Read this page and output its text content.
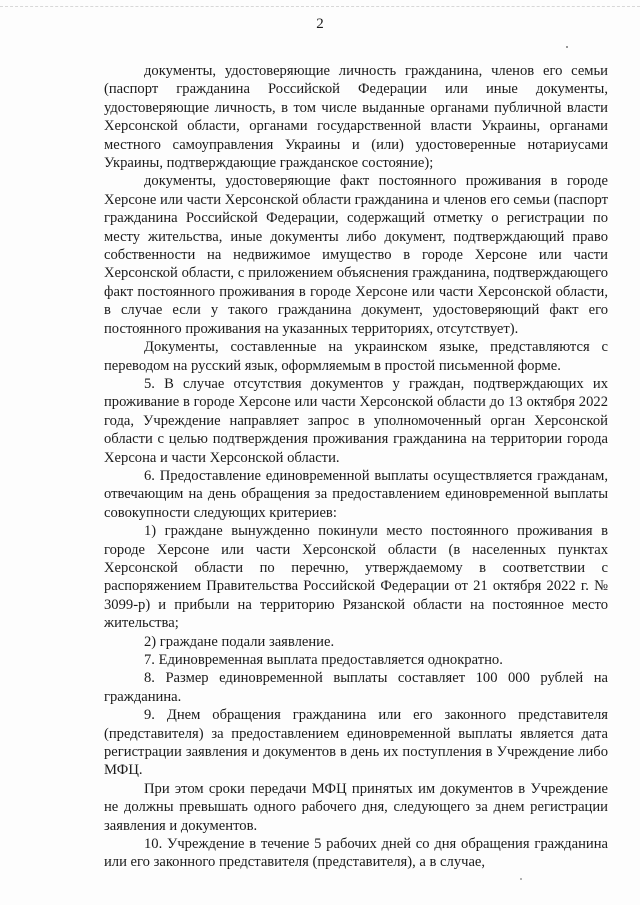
2

документы, удостоверяющие личность гражданина, членов его семьи (паспорт гражданина Российской Федерации или иные документы, удостоверяющие личность, в том числе выданные органами публичной власти Херсонской области, органами государственной власти Украины, органами местного самоуправления Украины и (или) удостоверенные нотариусами Украины, подтверждающие гражданское состояние);

документы, удостоверяющие факт постоянного проживания в городе Херсоне или части Херсонской области гражданина и членов его семьи (паспорт гражданина Российской Федерации, содержащий отметку о регистрации по месту жительства, иные документы либо документ, подтверждающий право собственности на недвижимое имущество в городе Херсоне или части Херсонской области, с приложением объяснения гражданина, подтверждающего факт постоянного проживания в городе Херсоне или части Херсонской области, в случае если у такого гражданина документ, удостоверяющий факт его постоянного проживания на указанных территориях, отсутствует).

Документы, составленные на украинском языке, представляются с переводом на русский язык, оформляемым в простой письменной форме.

5. В случае отсутствия документов у граждан, подтверждающих их проживание в городе Херсоне или части Херсонской области до 13 октября 2022 года, Учреждение направляет запрос в уполномоченный орган Херсонской области с целью подтверждения проживания гражданина на территории города Херсона и части Херсонской области.

6. Предоставление единовременной выплаты осуществляется гражданам, отвечающим на день обращения за предоставлением единовременной выплаты совокупности следующих критериев:

1) граждане вынужденно покинули место постоянного проживания в городе Херсоне или части Херсонской области (в населенных пунктах Херсонской области по перечню, утверждаемому в соответствии с распоряжением Правительства Российской Федерации от 21 октября 2022 г. № 3099-р) и прибыли на территорию Рязанской области на постоянное место жительства;

2) граждане подали заявление.

7. Единовременная выплата предоставляется однократно.

8. Размер единовременной выплаты составляет 100 000 рублей на гражданина.

9. Днем обращения гражданина или его законного представителя (представителя) за предоставлением единовременной выплаты является дата регистрации заявления и документов в день их поступления в Учреждение либо МФЦ.

При этом сроки передачи МФЦ принятых им документов в Учреждение не должны превышать одного рабочего дня, следующего за днем регистрации заявления и документов.

10. Учреждение в течение 5 рабочих дней со дня обращения гражданина или его законного представителя (представителя), а в случае,
